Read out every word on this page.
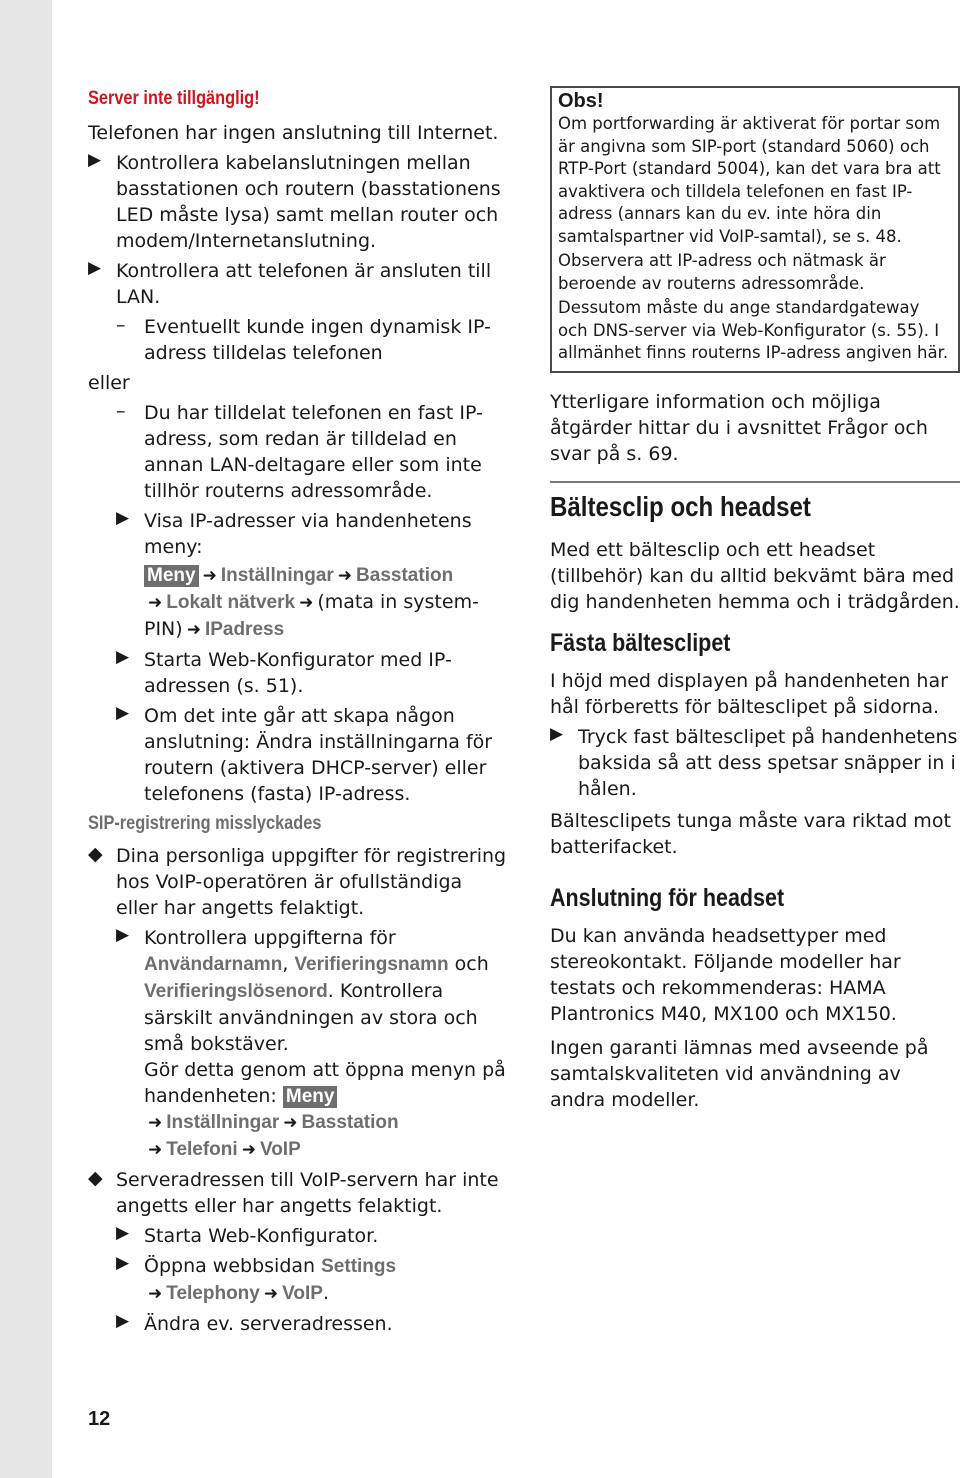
Server inte tillgänglig!

Telefonen har ingen anslutning till Internet.

▶ Kontrollera kabelanslutningen mellan basstationen och routern (basstationens LED måste lysa) samt mellan router och modem/Internetanslutning.

▶ Kontrollera att telefonen är ansluten till LAN.

– Eventuellt kunde ingen dynamisk IP-adress tilldelas telefonen

eller

– Du har tilldelat telefonen en fast IP-adress, som redan är tilldelad en annan LAN-deltagare eller som inte tillhör routerns adressområde.

▶ Visa IP-adresser via handenhetens meny:

Meny ➜ Inställningar ➜ Basstation
➜ Lokalt nätverk ➜ (mata in system-PIN) ➜ IPadress
▶ Starta Web-Konfigurator med IP-adressen (s. 51).

▶ Om det inte går att skapa någon anslutning: Ändra inställningarna för routern (aktivera DHCP-server) eller telefonens (fasta) IP-adress.

SIP-registrering misslyckades
◆ Dina personliga uppgifter för registrering hos VoIP-operatören är ofullständiga eller har angetts felaktigt.

▶ Kontrollera uppgifterna för Användarnamn, Verifieringsnamn och Verifieringslösenord. Kontrollera särskilt användningen av stora och små bokstäver.

Gör detta genom att öppna menyn på handenheten: Meny

➜ Inställningar ➜ Basstation
➜ Telefoni ➜ VoIP
◆ Serveradressen till VoIP-servern har inte angetts eller har angetts felaktigt.

▶ Starta Web-Konfigurator.

▶ Öppna webbsidan Settings
➜ Telephony ➜ VoIP.

▶ Ändra ev. serveradressen.

Obs!

Om portforwarding är aktiverat för portar som är angivna som SIP-port (standard 5060) och RTP-Port (standard 5004), kan det vara bra att avaktivera och tilldela telefonen en fast IP-adress (annars kan du ev. inte höra din samtalspartner vid VoIP-samtal), se s. 48.

Observera att IP-adress och nätmask är beroende av routerns adressområde.

Dessutom måste du ange standardgateway och DNS-server via Web-Konfigurator (s. 55). I allmänhet finns routerns IP-adress angiven här.

Ytterligare information och möjliga åtgärder hittar du i avsnittet Frågor och svar på s. 69.

Bältesclip och headset

Med ett bältesclip och ett headset (tillbehör) kan du alltid bekvämt bära med dig handenheten hemma och i trädgården.

Fästa bältesclipet

I höjd med displayen på handenheten har hål förberetts för bältesclipet på sidorna.

▶ Tryck fast bältesclipet på handenhetens baksida så att dess spetsar snäpper in i hålen.

Bältesclipets tunga måste vara riktad mot batterifacket.

Anslutning för headset

Du kan använda headsettyper med stereokontakt. Följande modeller har testats och rekommenderas: HAMA Plantronics M40, MX100 och MX150.

Ingen garanti lämnas med avseende på samtalskvaliteten vid användning av andra modeller.

12
